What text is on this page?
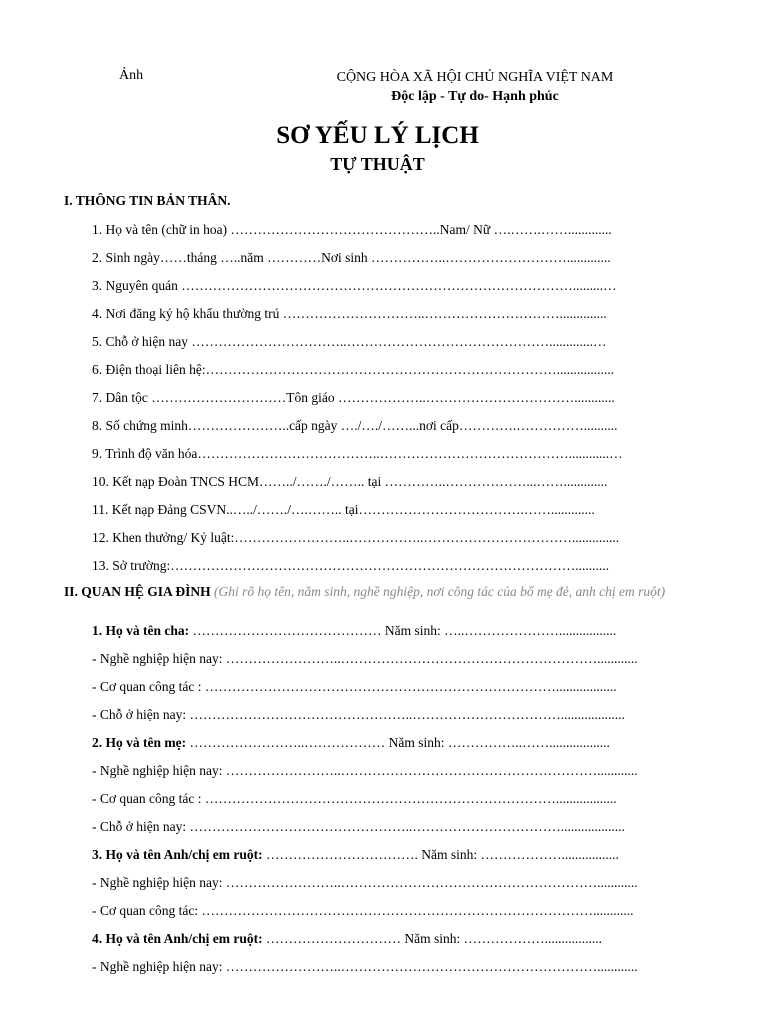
Ảnh	CỘNG HÒA XÃ HỘI CHỦ NGHĨA VIỆT NAM
Độc lập - Tự do- Hạnh phúc
SƠ YẾU LÝ LỊCH
TỰ THUẬT
I. THÔNG TIN BẢN THÂN.
1. Họ và tên (chữ in hoa) ………………………………………..Nam/ Nữ ….…….…….............
2. Sinh ngày……tháng …..năm …………Nơi sinh ……………..……………………….............
3. Nguyên quán …………………………………………………………………………….........…
4. Nơi đăng ký hộ khẩu thường trú …………………………..…………………………..............
5. Chỗ ở hiện nay ……………………………..……………………………………….............…
6. Điện thoại liên hệ:…………………………………………………………………….................
7. Dân tộc …………………………Tôn giáo ………………..……………………………............
8. Số chứng minh…………………..cấp ngày …./…./……...nơi cấp………….……………..........
9. Trình độ văn hóa…………………………………..……………………………………............…
10. Kết nạp Đoàn TNCS HCM……../……./…….. tại …………..………………...…….............
11. Kết nạp Đảng CSVN..…../……./….…….. tại……………………………….…….............
12. Khen thưởng/ Kỷ luật:……………………..……………..……………………………..............
13. Sở trường:………………………………………………………………………………..........
II. QUAN HỆ GIA ĐÌNH (Ghi rõ họ tên, năm sinh, nghề nghiệp, nơi công tác của bố mẹ đẻ, anh chị em ruột)
1. Họ và tên cha: …………………………………… Năm sinh: …..………………….................
- Nghề nghiệp hiện nay: ……………………..…………………………………………………............
- Cơ quan công tác : ……………………………………………………………………..................
- Chỗ ở hiện nay: …………………………………………..……………………………...................
2. Họ và tên mẹ: ……………………..……………… Năm sinh: ……………..……..................
- Nghề nghiệp hiện nay: ……………………..…………………………………………………............
- Cơ quan công tác : ……………………………………………………………………..................
- Chỗ ở hiện nay: …………………………………………..……………………………...................
3. Họ và tên Anh/chị em ruột: ……………………………. Năm sinh: ……………….................
- Nghề nghiệp hiện nay: ……………………..…………………………………………………............
- Cơ quan công tác: ……………………………………………………………………………............
4. Họ và tên Anh/chị em ruột: ………………………… Năm sinh: ……………….................
- Nghề nghiệp hiện nay: ……………………..…………………………………………………............
